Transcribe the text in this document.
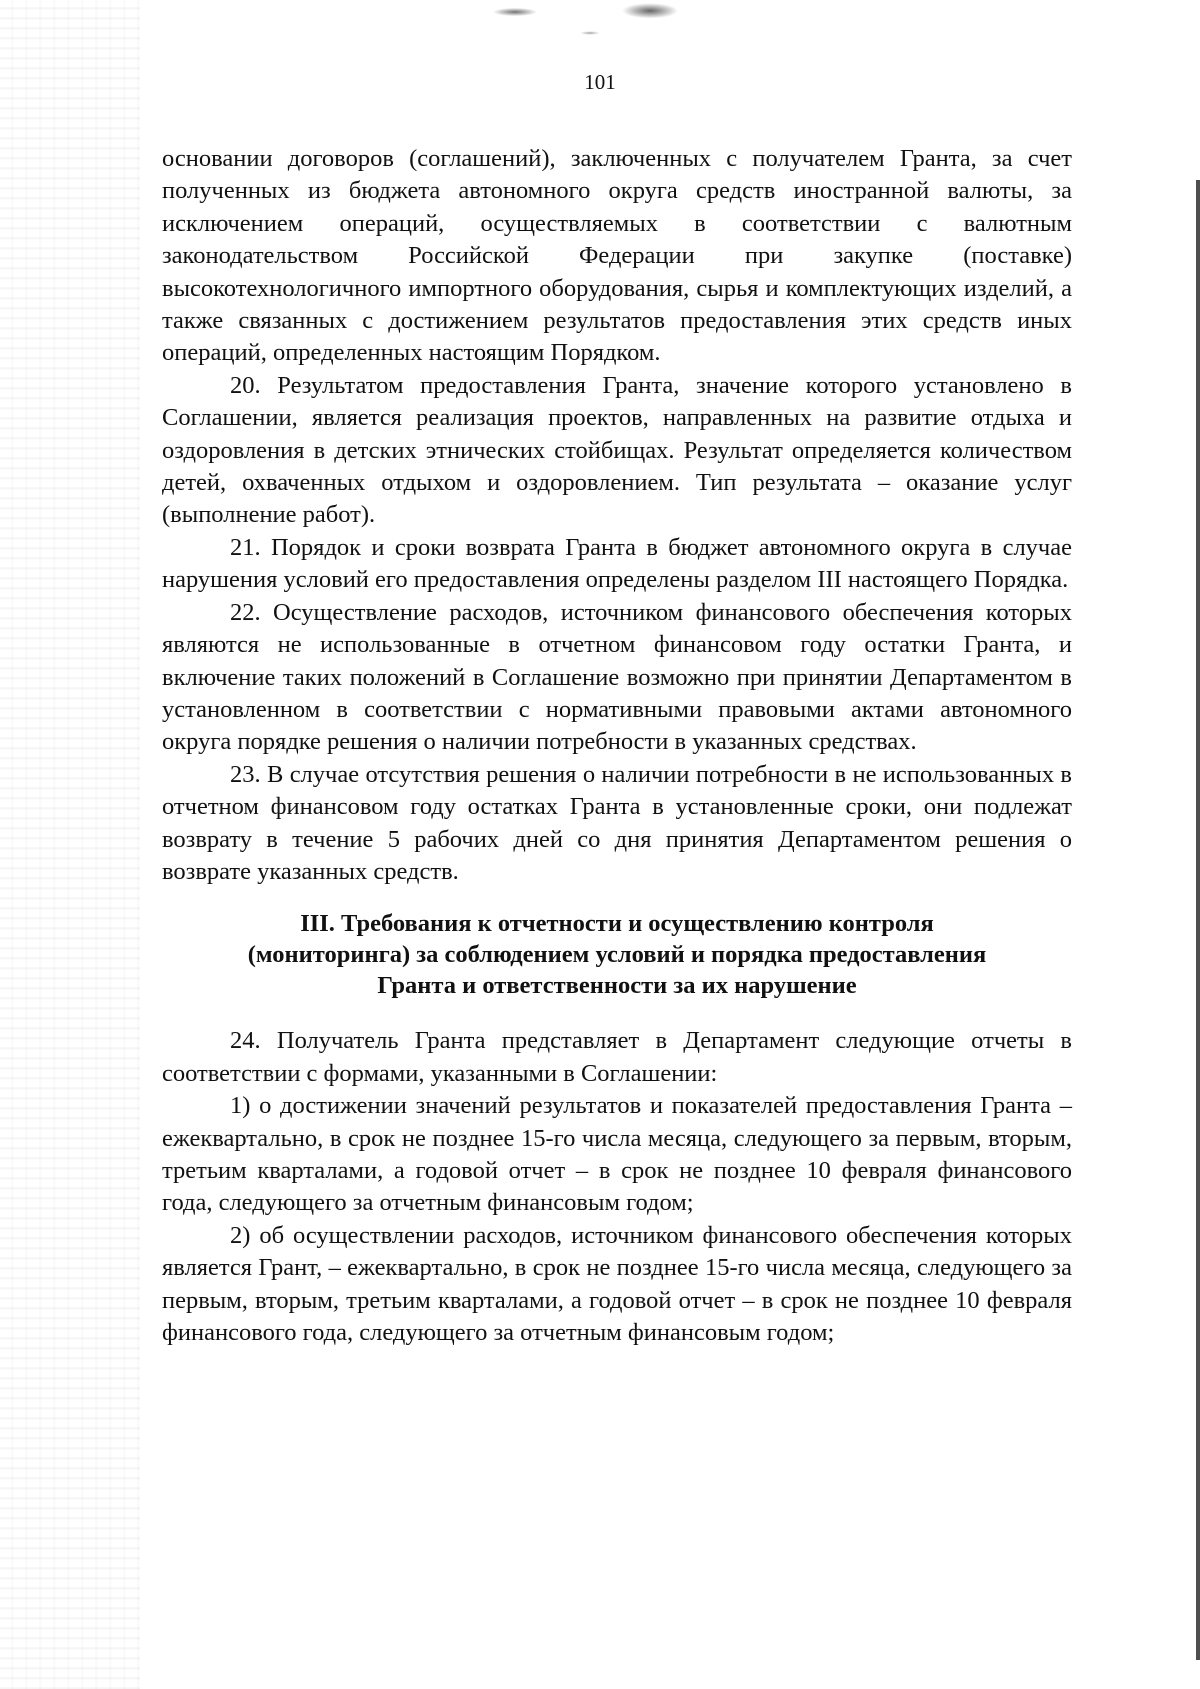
101

основании договоров (соглашений), заключенных с получателем Гранта, за счет полученных из бюджета автономного округа средств иностранной валюты, за исключением операций, осуществляемых в соответствии с валютным законодательством Российской Федерации при закупке (поставке) высокотехнологичного импортного оборудования, сырья и комплектующих изделий, а также связанных с достижением результатов предоставления этих средств иных операций, определенных настоящим Порядком.

20. Результатом предоставления Гранта, значение которого установлено в Соглашении, является реализация проектов, направленных на развитие отдыха и оздоровления в детских этнических стойбищах. Результат определяется количеством детей, охваченных отдыхом и оздоровлением. Тип результата – оказание услуг (выполнение работ).

21. Порядок и сроки возврата Гранта в бюджет автономного округа в случае нарушения условий его предоставления определены разделом III настоящего Порядка.

22. Осуществление расходов, источником финансового обеспечения которых являются не использованные в отчетном финансовом году остатки Гранта, и включение таких положений в Соглашение возможно при принятии Департаментом в установленном в соответствии с нормативными правовыми актами автономного округа порядке решения о наличии потребности в указанных средствах.

23. В случае отсутствия решения о наличии потребности в не использованных в отчетном финансовом году остатках Гранта в установленные сроки, они подлежат возврату в течение 5 рабочих дней со дня принятия Департаментом решения о возврате указанных средств.

III. Требования к отчетности и осуществлению контроля
(мониторинга) за соблюдением условий и порядка предоставления
Гранта и ответственности за их нарушение

24. Получатель Гранта представляет в Департамент следующие отчеты в соответствии с формами, указанными в Соглашении:

1) о достижении значений результатов и показателей предоставления Гранта – ежеквартально, в срок не позднее 15-го числа месяца, следующего за первым, вторым, третьим кварталами, а годовой отчет – в срок не позднее 10 февраля финансового года, следующего за отчетным финансовым годом;

2) об осуществлении расходов, источником финансового обеспечения которых является Грант, – ежеквартально, в срок не позднее 15-го числа месяца, следующего за первым, вторым, третьим кварталами, а годовой отчет – в срок не позднее 10 февраля финансового года, следующего за отчетным финансовым годом;
